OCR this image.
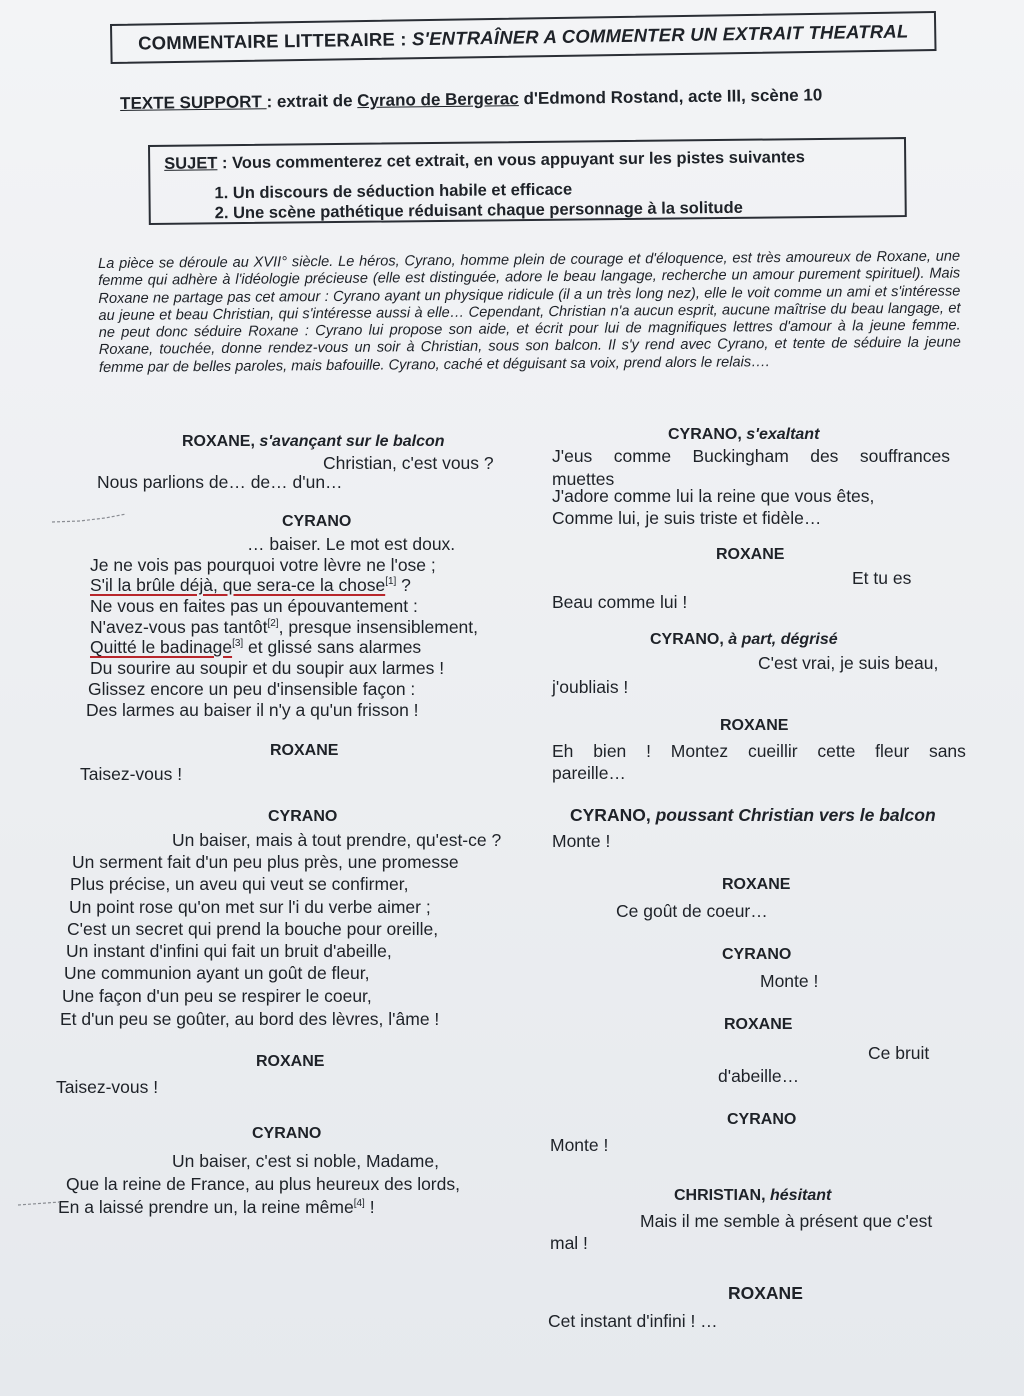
COMMENTAIRE LITTERAIRE :
S'ENTRAÎNER A COMMENTER UN EXTRAIT THEATRAL
TEXTE SUPPORT : extrait de Cyrano de Bergerac d'Edmond Rostand, acte III, scène 10
SUJET : Vous commenterez cet extrait, en vous appuyant sur les pistes suivantes
1. Un discours de séduction habile et efficace
2. Une scène pathétique réduisant chaque personnage à la solitude
La pièce se déroule au XVII° siècle. Le héros, Cyrano, homme plein de courage et d'éloquence, est très amoureux de Roxane, une femme qui adhère à l'idéologie précieuse (elle est distinguée, adore le beau langage, recherche un amour purement spirituel). Mais Roxane ne partage pas cet amour : Cyrano ayant un physique ridicule (il a un très long nez), elle le voit comme un ami et s'intéresse au jeune et beau Christian, qui s'intéresse aussi à elle… Cependant, Christian n'a aucun esprit, aucune maîtrise du beau langage, et ne peut donc séduire Roxane : Cyrano lui propose son aide, et écrit pour lui de magnifiques lettres d'amour à la jeune femme. Roxane, touchée, donne rendez-vous un soir à Christian, sous son balcon. Il s'y rend avec Cyrano, et tente de séduire la jeune femme par de belles paroles, mais bafouille. Cyrano, caché et déguisant sa voix, prend alors le relais….
ROXANE, s'avançant sur le balcon
Christian, c'est vous ?
Nous parlions de… de… d'un…
CYRANO
… baiser. Le mot est doux.
Je ne vois pas pourquoi votre lèvre ne l'ose ;
S'il la brûle déjà, que sera-ce la chose[1] ?
Ne vous en faites pas un épouvantement :
N'avez-vous pas tantôt[2], presque insensiblement,
Quitté le badinage[3] et glissé sans alarmes
Du sourire au soupir et du soupir aux larmes !
Glissez encore un peu d'insensible façon :
Des larmes au baiser il n'y a qu'un frisson !
ROXANE
Taisez-vous !
CYRANO
Un baiser, mais à tout prendre, qu'est-ce ?
Un serment fait d'un peu plus près, une promesse
Plus précise, un aveu qui veut se confirmer,
Un point rose qu'on met sur l'i du verbe aimer ;
C'est un secret qui prend la bouche pour oreille,
Un instant d'infini qui fait un bruit d'abeille,
Une communion ayant un goût de fleur,
Une façon d'un peu se respirer le coeur,
Et d'un peu se goûter, au bord des lèvres, l'âme !
ROXANE
Taisez-vous !
CYRANO
Un baiser, c'est si noble, Madame,
Que la reine de France, au plus heureux des lords,
En a laissé prendre un, la reine même[4] !
CYRANO, s'exaltant
J'eus comme Buckingham des souffrances
muettes
J'adore comme lui la reine que vous êtes,
Comme lui, je suis triste et fidèle…
ROXANE
Et tu es
Beau comme lui !
CYRANO, à part, dégrisé
C'est vrai, je suis beau,
j'oubliais !
ROXANE
Eh bien ! Montez cueillir cette fleur sans
pareille…
CYRANO, poussant Christian vers le balcon
Monte !
ROXANE
Ce goût de coeur…
CYRANO
Monte !
ROXANE
Ce bruit
d'abeille…
CYRANO
Monte !
CHRISTIAN, hésitant
Mais il me semble à présent que c'est
mal !
ROXANE
Cet instant d'infini ! …
